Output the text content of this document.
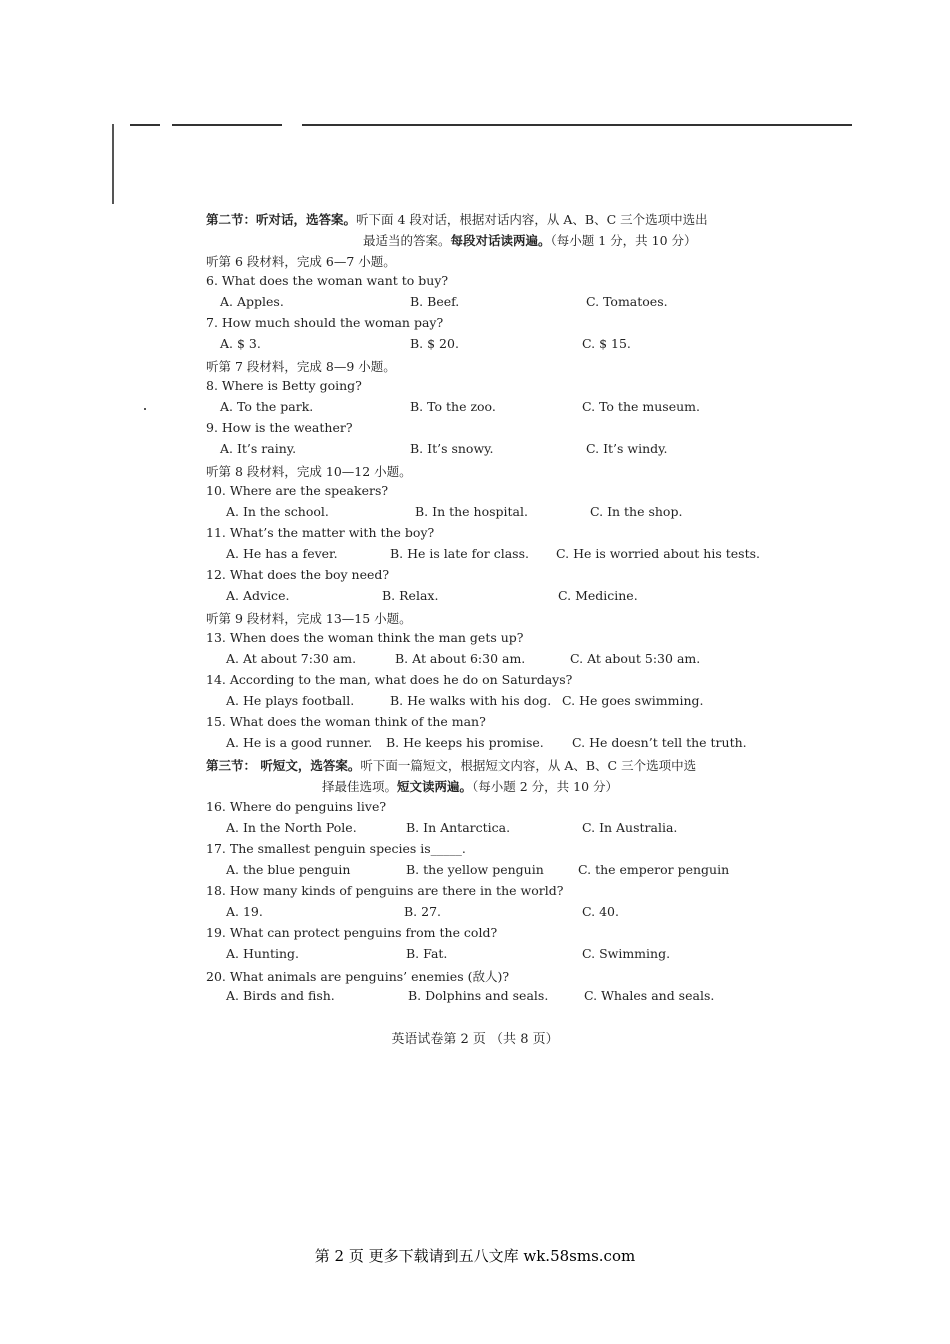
第二节：听对话，选答案。听下面 4 段对话，根据对话内容，从 A、B、C 三个选项中选出
最适当的答案。每段对话读两遍。（每小题 1 分，共 10 分）
听第 6 段材料，完成 6—7 小题。
6. What does the woman want to buy?
A. Apples.	B. Beef.	C. Tomatoes.
7. How much should the woman pay?
A. $ 3.	B. $ 20.	C. $ 15.
听第 7 段材料，完成 8—9 小题。
8. Where is Betty going?
A. To the park.	B. To the zoo.	C. To the museum.
9. How is the weather?
A. It’s rainy.	B. It’s snowy.	C. It’s windy.
听第 8 段材料，完成 10—12 小题。
10. Where are the speakers?
A. In the school.	B. In the hospital.	C. In the shop.
11. What’s the matter with the boy?
A. He has a fever.	B. He is late for class. C. He is worried about his tests.
12. What does the boy need?
A. Advice.	B. Relax.	C. Medicine.
听第 9 段材料，完成 13—15 小题。
13. When does the woman think the man gets up?
A. At about 7:30 am.	B. At about 6:30 am.	C. At about 5:30 am.
14. According to the man, what does he do on Saturdays?
A. He plays football.	B. He walks with his dog. C. He goes swimming.
15. What does the woman think of the man?
A. He is a good runner. B. He keeps his promise. C. He doesn’t tell the truth.
第三节： 听短文，选答案。听下面一篇短文，根据短文内容，从 A、B、C 三个选项中选
择最佳选项。短文读两遍。（每小题 2 分，共 10 分）
16. Where do penguins live?
A. In the North Pole.	B. In Antarctica.	C. In Australia.
17. The smallest penguin species is_____.
A. the blue penguin	B. the yellow penguin	C. the emperor penguin
18. How many kinds of penguins are there in the world?
A. 19.	B. 27.	C. 40.
19. What can protect penguins from the cold?
A. Hunting.	B. Fat.	C. Swimming.
20. What animals are penguins’ enemies (敌人)?
A. Birds and fish.	B. Dolphins and seals.	C. Whales and seals.
英语试卷第 2 页 （共 8 页）
第 2 页 更多下载请到五八文库 wk.58sms.com
